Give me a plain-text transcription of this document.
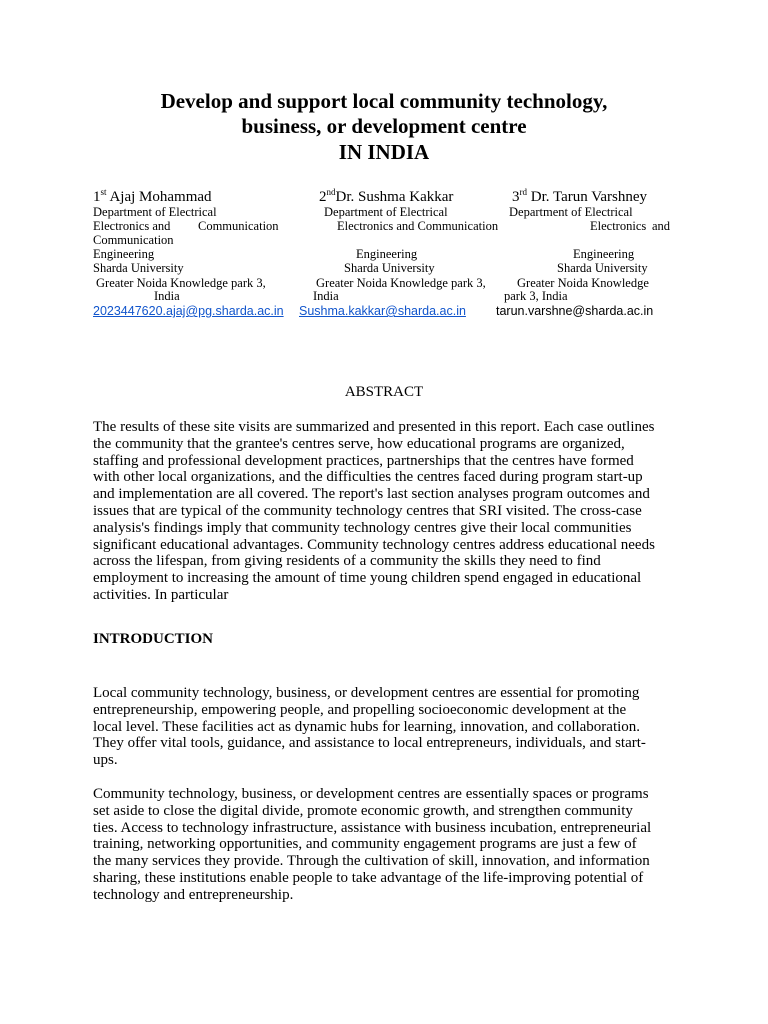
Develop and support local community technology,
business, or development centre
IN INDIA
1st Ajaj Mohammad
Department of Electrical
Electronics and Communication
Communication
Engineering
Sharda University
Greater Noida Knowledge park 3,
India
2023447620.ajaj@pg.sharda.ac.in
2ndDr. Sushma Kakkar
Department of Electrical
Electronics and Communication
Engineering
Sharda University
Greater Noida Knowledge park 3,
India
Sushma.kakkar@sharda.ac.in
3rd Dr. Tarun Varshney
Department of Electrical
Electronics and
Engineering
Sharda University
Greater Noida Knowledge
park 3, India
tarun.varshne@sharda.ac.in
ABSTRACT
The results of these site visits are summarized and presented in this report. Each case outlines
the community that the grantee's centres serve, how educational programs are organized,
staffing and professional development practices, partnerships that the centres have formed
with other local organizations, and the difficulties the centres faced during program start-up
and implementation are all covered. The report's last section analyses program outcomes and
issues that are typical of the community technology centres that SRI visited. The cross-case
analysis's findings imply that community technology centres give their local communities
significant educational advantages. Community technology centres address educational needs
across the lifespan, from giving residents of a community the skills they need to find
employment to increasing the amount of time young children spend engaged in educational
activities. In particular
INTRODUCTION
Local community technology, business, or development centres are essential for promoting
entrepreneurship, empowering people, and propelling socioeconomic development at the
local level. These facilities act as dynamic hubs for learning, innovation, and collaboration.
They offer vital tools, guidance, and assistance to local entrepreneurs, individuals, and start-
ups.
Community technology, business, or development centres are essentially spaces or programs
set aside to close the digital divide, promote economic growth, and strengthen community
ties. Access to technology infrastructure, assistance with business incubation, entrepreneurial
training, networking opportunities, and community engagement programs are just a few of
the many services they provide. Through the cultivation of skill, innovation, and information
sharing, these institutions enable people to take advantage of the life-improving potential of
technology and entrepreneurship.
